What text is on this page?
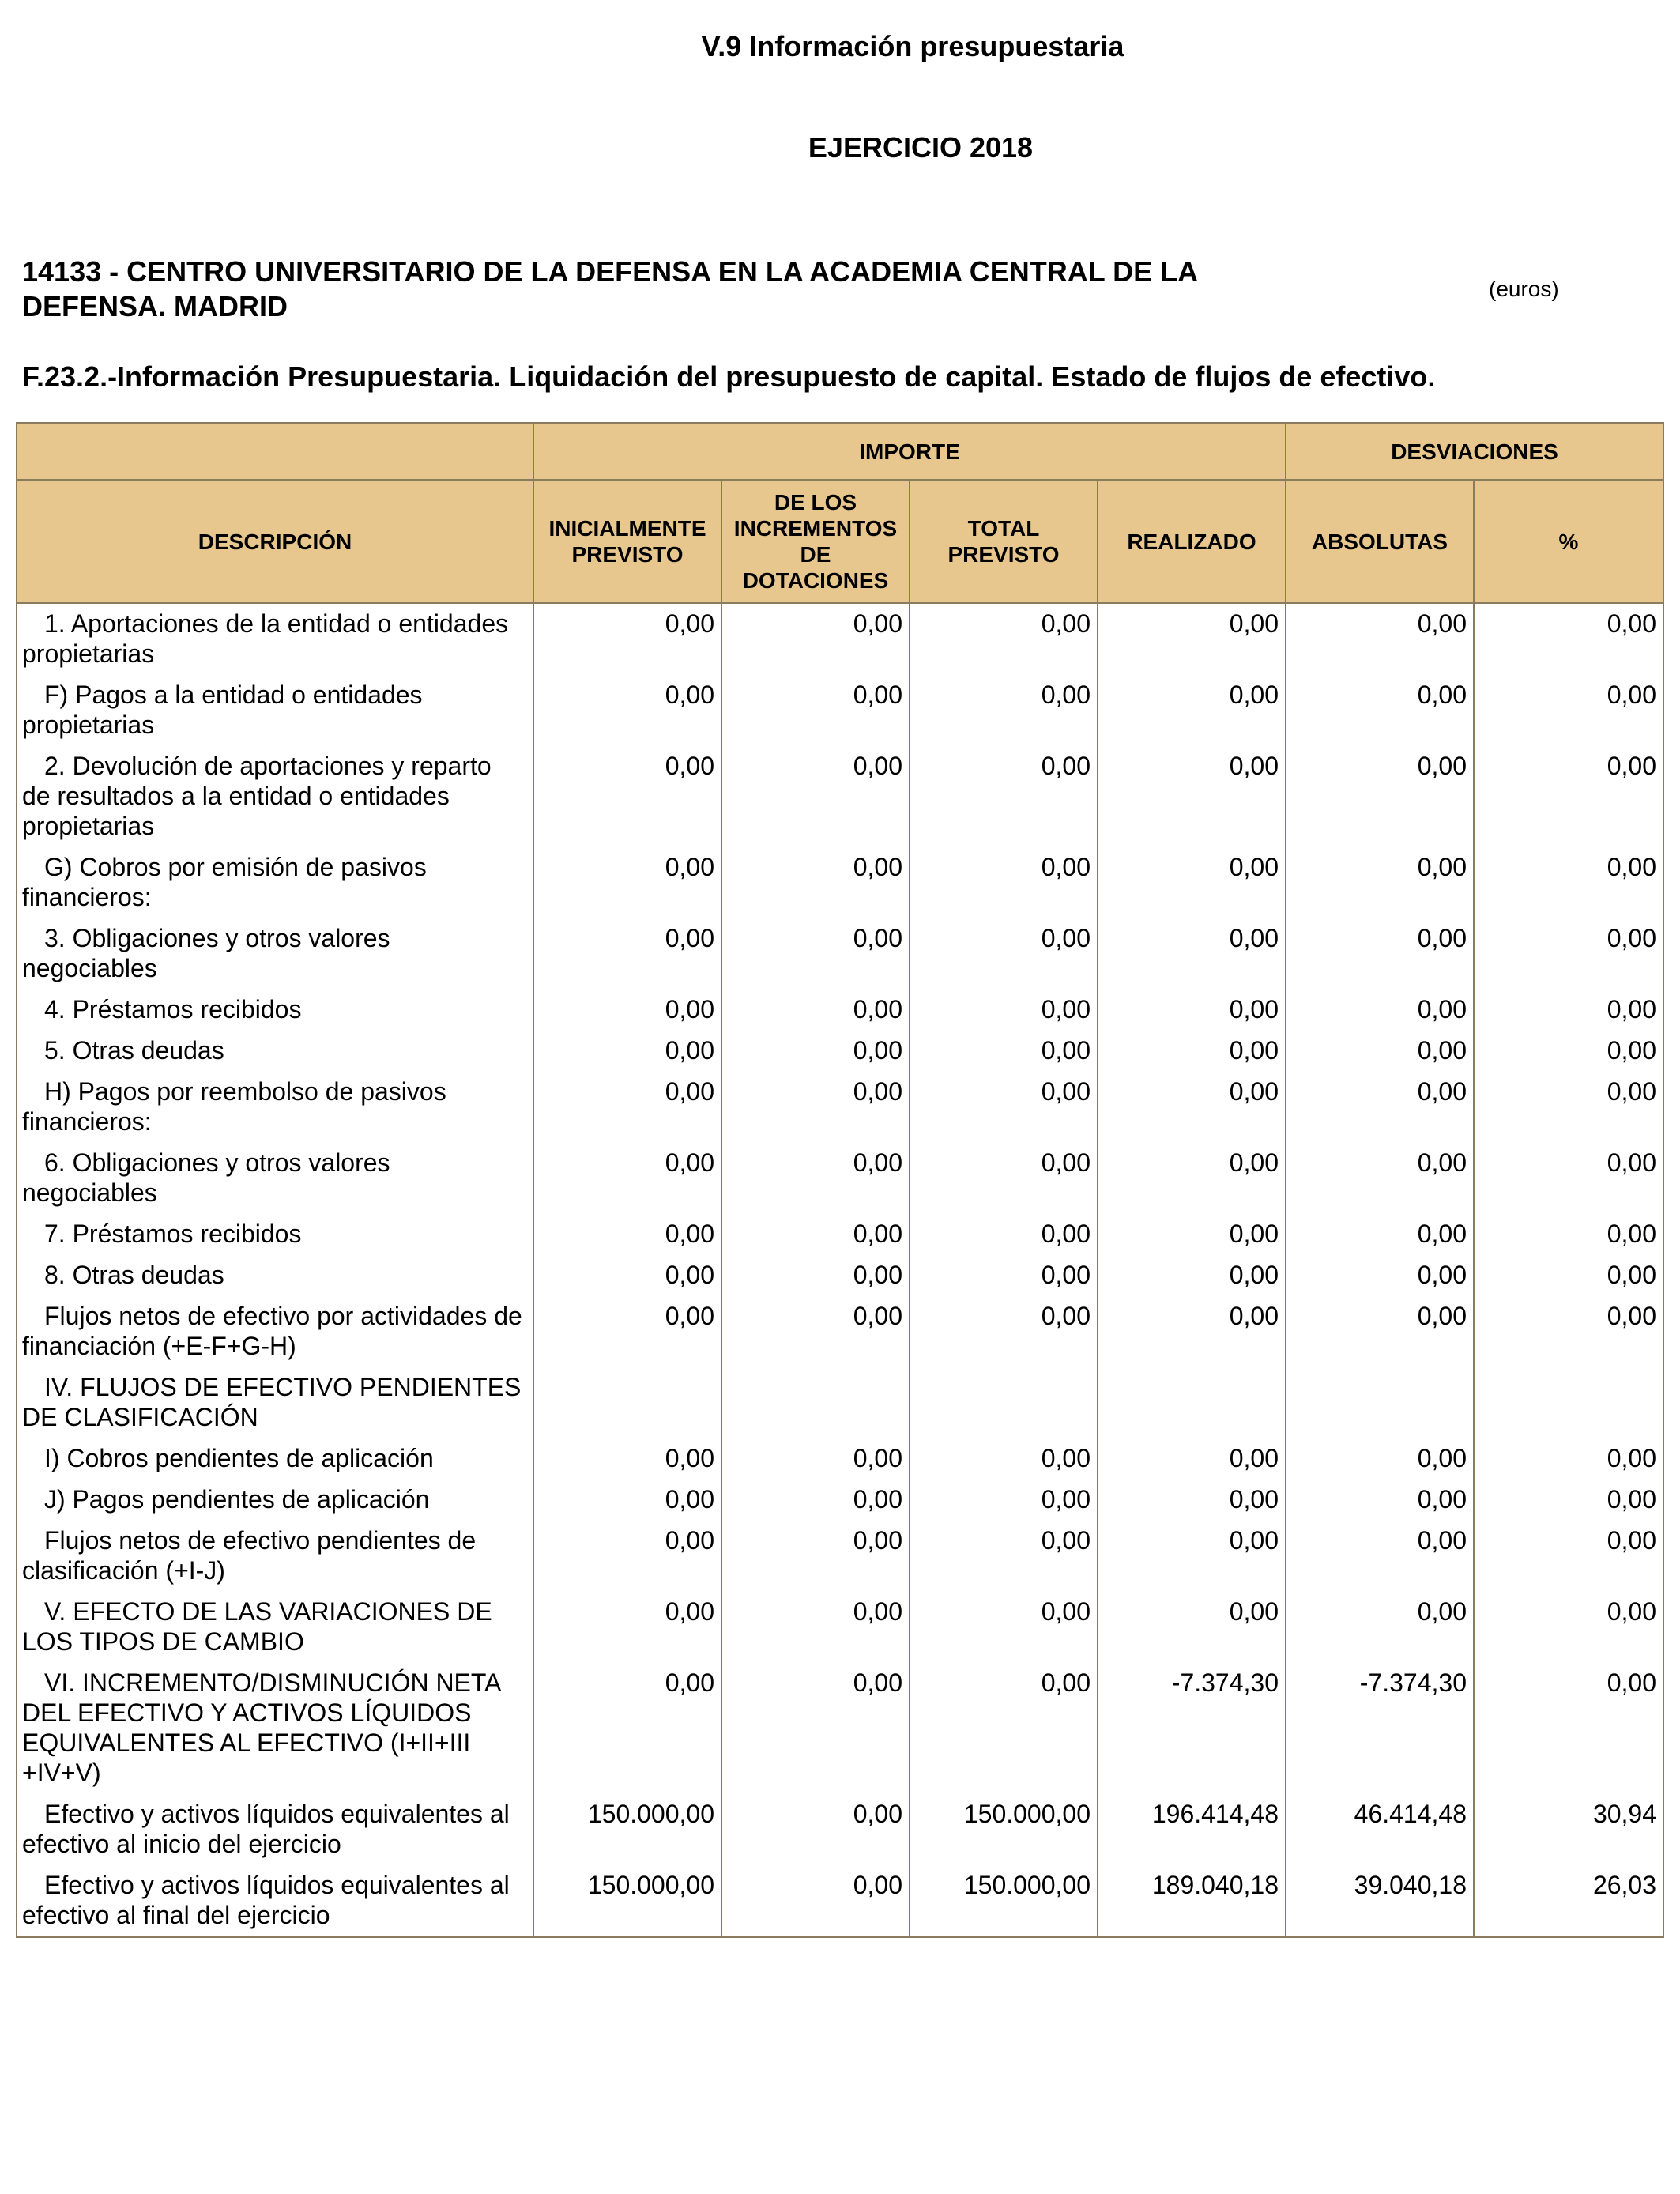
V.9 Información presupuestaria
EJERCICIO 2018
14133 - CENTRO UNIVERSITARIO DE LA DEFENSA EN LA ACADEMIA CENTRAL DE LA DEFENSA. MADRID
(euros)
F.23.2.-Información Presupuestaria. Liquidación del presupuesto de capital. Estado de flujos de efectivo.
	IMPORTE				DESVIACIONES	
DESCRIPCIÓN	INICIALMENTE PREVISTO	DE LOS INCREMENTOS DE DOTACIONES	TOTAL PREVISTO	REALIZADO	ABSOLUTAS	%
1. Aportaciones de la entidad o entidades propietarias	0,00	0,00	0,00	0,00	0,00	0,00
F) Pagos a la entidad o entidades propietarias	0,00	0,00	0,00	0,00	0,00	0,00
2. Devolución de aportaciones y reparto de resultados a la entidad o entidades propietarias	0,00	0,00	0,00	0,00	0,00	0,00
G) Cobros por emisión de pasivos financieros:	0,00	0,00	0,00	0,00	0,00	0,00
3. Obligaciones y otros valores negociables	0,00	0,00	0,00	0,00	0,00	0,00
4. Préstamos recibidos	0,00	0,00	0,00	0,00	0,00	0,00
5. Otras deudas	0,00	0,00	0,00	0,00	0,00	0,00
H) Pagos por reembolso de pasivos financieros:	0,00	0,00	0,00	0,00	0,00	0,00
6. Obligaciones y otros valores negociables	0,00	0,00	0,00	0,00	0,00	0,00
7. Préstamos recibidos	0,00	0,00	0,00	0,00	0,00	0,00
8. Otras deudas	0,00	0,00	0,00	0,00	0,00	0,00
Flujos netos de efectivo por actividades de financiación (+E-F+G-H)	0,00	0,00	0,00	0,00	0,00	0,00
IV. FLUJOS DE EFECTIVO PENDIENTES DE CLASIFICACIÓN						
I) Cobros pendientes de aplicación	0,00	0,00	0,00	0,00	0,00	0,00
J) Pagos pendientes de aplicación	0,00	0,00	0,00	0,00	0,00	0,00
Flujos netos de efectivo pendientes de clasificación (+I-J)	0,00	0,00	0,00	0,00	0,00	0,00
V. EFECTO DE LAS VARIACIONES DE LOS TIPOS DE CAMBIO	0,00	0,00	0,00	0,00	0,00	0,00
VI. INCREMENTO/DISMINUCIÓN NETA DEL EFECTIVO Y ACTIVOS LÍQUIDOS EQUIVALENTES AL EFECTIVO (I+II+III +IV+V)	0,00	0,00	0,00	-7.374,30	-7.374,30	0,00
Efectivo y activos líquidos equivalentes al efectivo al inicio del ejercicio	150.000,00	0,00	150.000,00	196.414,48	46.414,48	30,94
Efectivo y activos líquidos equivalentes al efectivo al final del ejercicio	150.000,00	0,00	150.000,00	189.040,18	39.040,18	26,03
